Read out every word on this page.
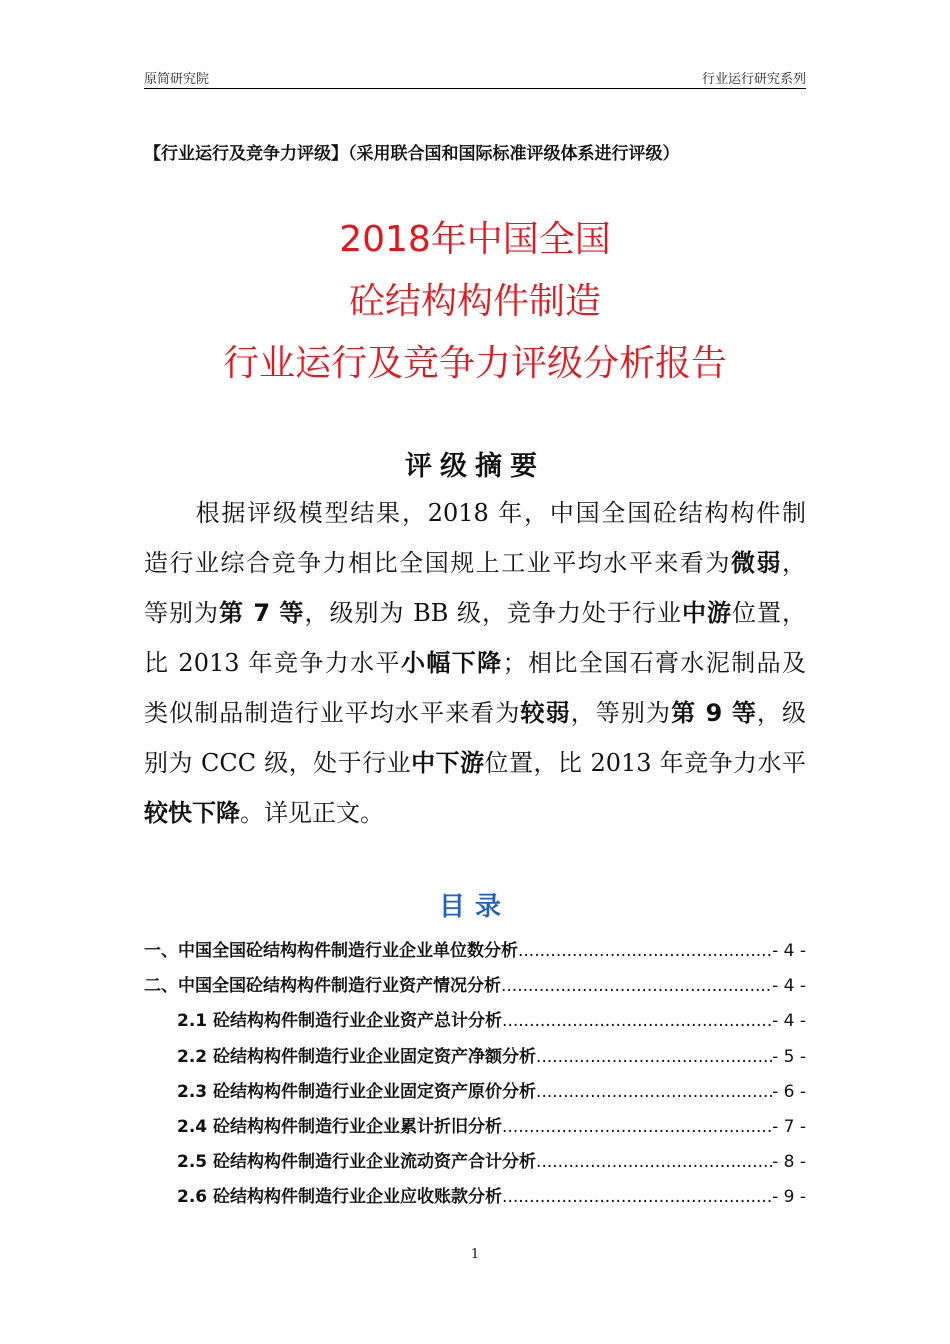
原简研究院	行业运行研究系列
【行业运行及竞争力评级】（采用联合国和国际标准评级体系进行评级）
2018年中国全国
砼结构构件制造
行业运行及竞争力评级分析报告
评级摘要
　　根据评级模型结果，2018 年，中国全国砼结构构件制
造行业综合竞争力相比全国规上工业平均水平来看为微弱，
等别为第 7 等，级别为 BB 级，竞争力处于行业中游位置，
比 2013 年竞争力水平小幅下降；相比全国石膏水泥制品及
类似制品制造行业平均水平来看为较弱，等别为第 9 等，级
别为 CCC 级，处于行业中下游位置，比 2013 年竞争力水平
较快下降。详见正文。
目录
一、中国全国砼结构构件制造行业企业单位数分析 .....	- 4 -
二、中国全国砼结构构件制造行业资产情况分析 .....	- 4 -
2.1 砼结构构件制造行业企业资产总计分析 .....	- 4 -
2.2 砼结构构件制造行业企业固定资产净额分析 .....	- 5 -
2.3 砼结构构件制造行业企业固定资产原价分析 .....	- 6 -
2.4 砼结构构件制造行业企业累计折旧分析 .....	- 7 -
2.5 砼结构构件制造行业企业流动资产合计分析 .....	- 8 -
2.6 砼结构构件制造行业企业应收账款分析 .....	- 9 -
1
